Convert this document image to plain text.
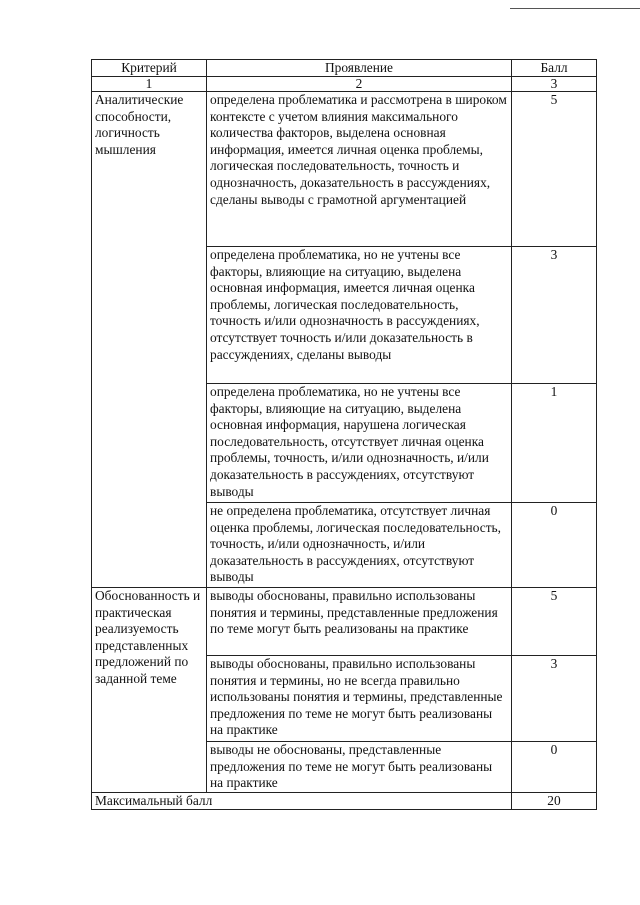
Критерий	Проявление	Балл
1	2	3
Аналитические способности, логичность мышления	определена проблематика и рассмотрена в широком контексте с учетом влияния максимального количества факторов, выделена основная информация, имеется личная оценка проблемы, логическая последовательность, точность и однозначность, доказательность в рассуждениях, сделаны выводы с грамотной аргументацией	5
	определена проблематика, но не учтены все факторы, влияющие на ситуацию, выделена основная информация, имеется личная оценка проблемы, логическая последовательность, точность и/или однозначность в рассуждениях, отсутствует точность и/или доказательность в рассуждениях, сделаны выводы	3
	определена проблематика, но не учтены все факторы, влияющие на ситуацию, выделена основная информация, нарушена логическая последовательность, отсутствует личная оценка проблемы, точность, и/или однозначность, и/или доказательность в рассуждениях, отсутствуют выводы	1
	не определена проблематика, отсутствует личная оценка проблемы, логическая последовательность, точность, и/или однозначность, и/или доказательность в рассуждениях, отсутствуют выводы	0
Обоснованность и практическая реализуемость представленных предложений по заданной теме	выводы обоснованы, правильно использованы понятия и термины, представленные предложения по теме могут быть реализованы на практике	5
	выводы обоснованы, правильно использованы понятия и термины, но не всегда правильно использованы понятия и термины, представленные предложения по теме не могут быть реализованы на практике	3
	выводы не обоснованы, представленные предложения по теме не могут быть реализованы на практике	0
Максимальный балл		20
